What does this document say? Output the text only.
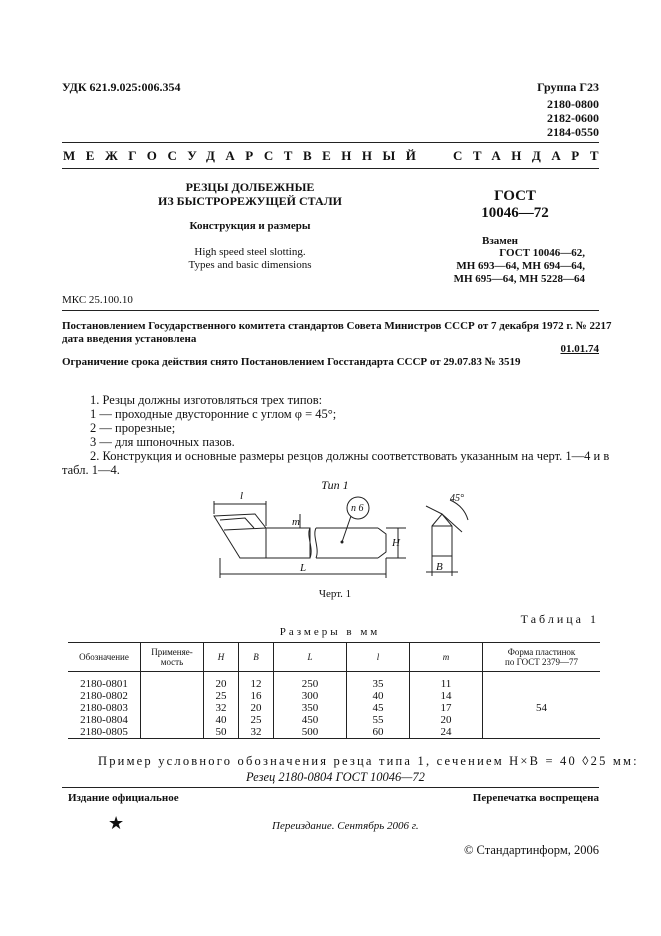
УДК 621.9.025:006.354	Группа Г23
2180-0800
2182-0600
2184-0550
МЕЖГОСУДАРСТВЕННЫЙ СТАНДАРТ
РЕЗЦЫ ДОЛБЕЖНЫЕ
ИЗ БЫСТРОРЕЖУЩЕЙ СТАЛИ
Конструкция и размеры
High speed steel slotting.
Types and basic dimensions
ГОСТ
10046—72
Взамен
ГОСТ 10046—62,
МН 693—64, МН 694—64,
МН 695—64, МН 5228—64
МКС 25.100.10
Постановлением Государственного комитета стандартов Совета Министров СССР от 7 декабря 1972 г. № 2217
дата введения установлена
01.01.74
Ограничение срока действия снято Постановлением Госстандарта СССР от 29.07.83 № 3519
1. Резцы должны изготовляться трех типов:
1 — проходные двусторонние с углом φ = 45°;
2 — прорезные;
3 — для шпоночных пазов.
2. Конструкция и основные размеры резцов должны соответствовать указанным на черт. 1—4 и в
табл. 1—4.
Тип 1
l
m
n 6
H
L	B
45°
Черт. 1
Таблица 1
Размеры в мм
Обозначение	Применяе-
мость	H	B	L	l	m	Форма пластинок
по ГОСТ 2379—77
2180-0801		20	12	250	35	11	54
2180-0802		25	16	300	40	14	
2180-0803		32	20	350	45	17	
2180-0804		40	25	450	55	20	
2180-0805		50	32	500	60	24	
Пример условного обозначения резца типа 1, сечением H×B = 40 ◊25 мм:
Резец 2180-0804 ГОСТ 10046—72
Издание официальное	Перепечатка воспрещена
★	Переиздание. Сентябрь 2006 г.
© Стандартинформ, 2006
